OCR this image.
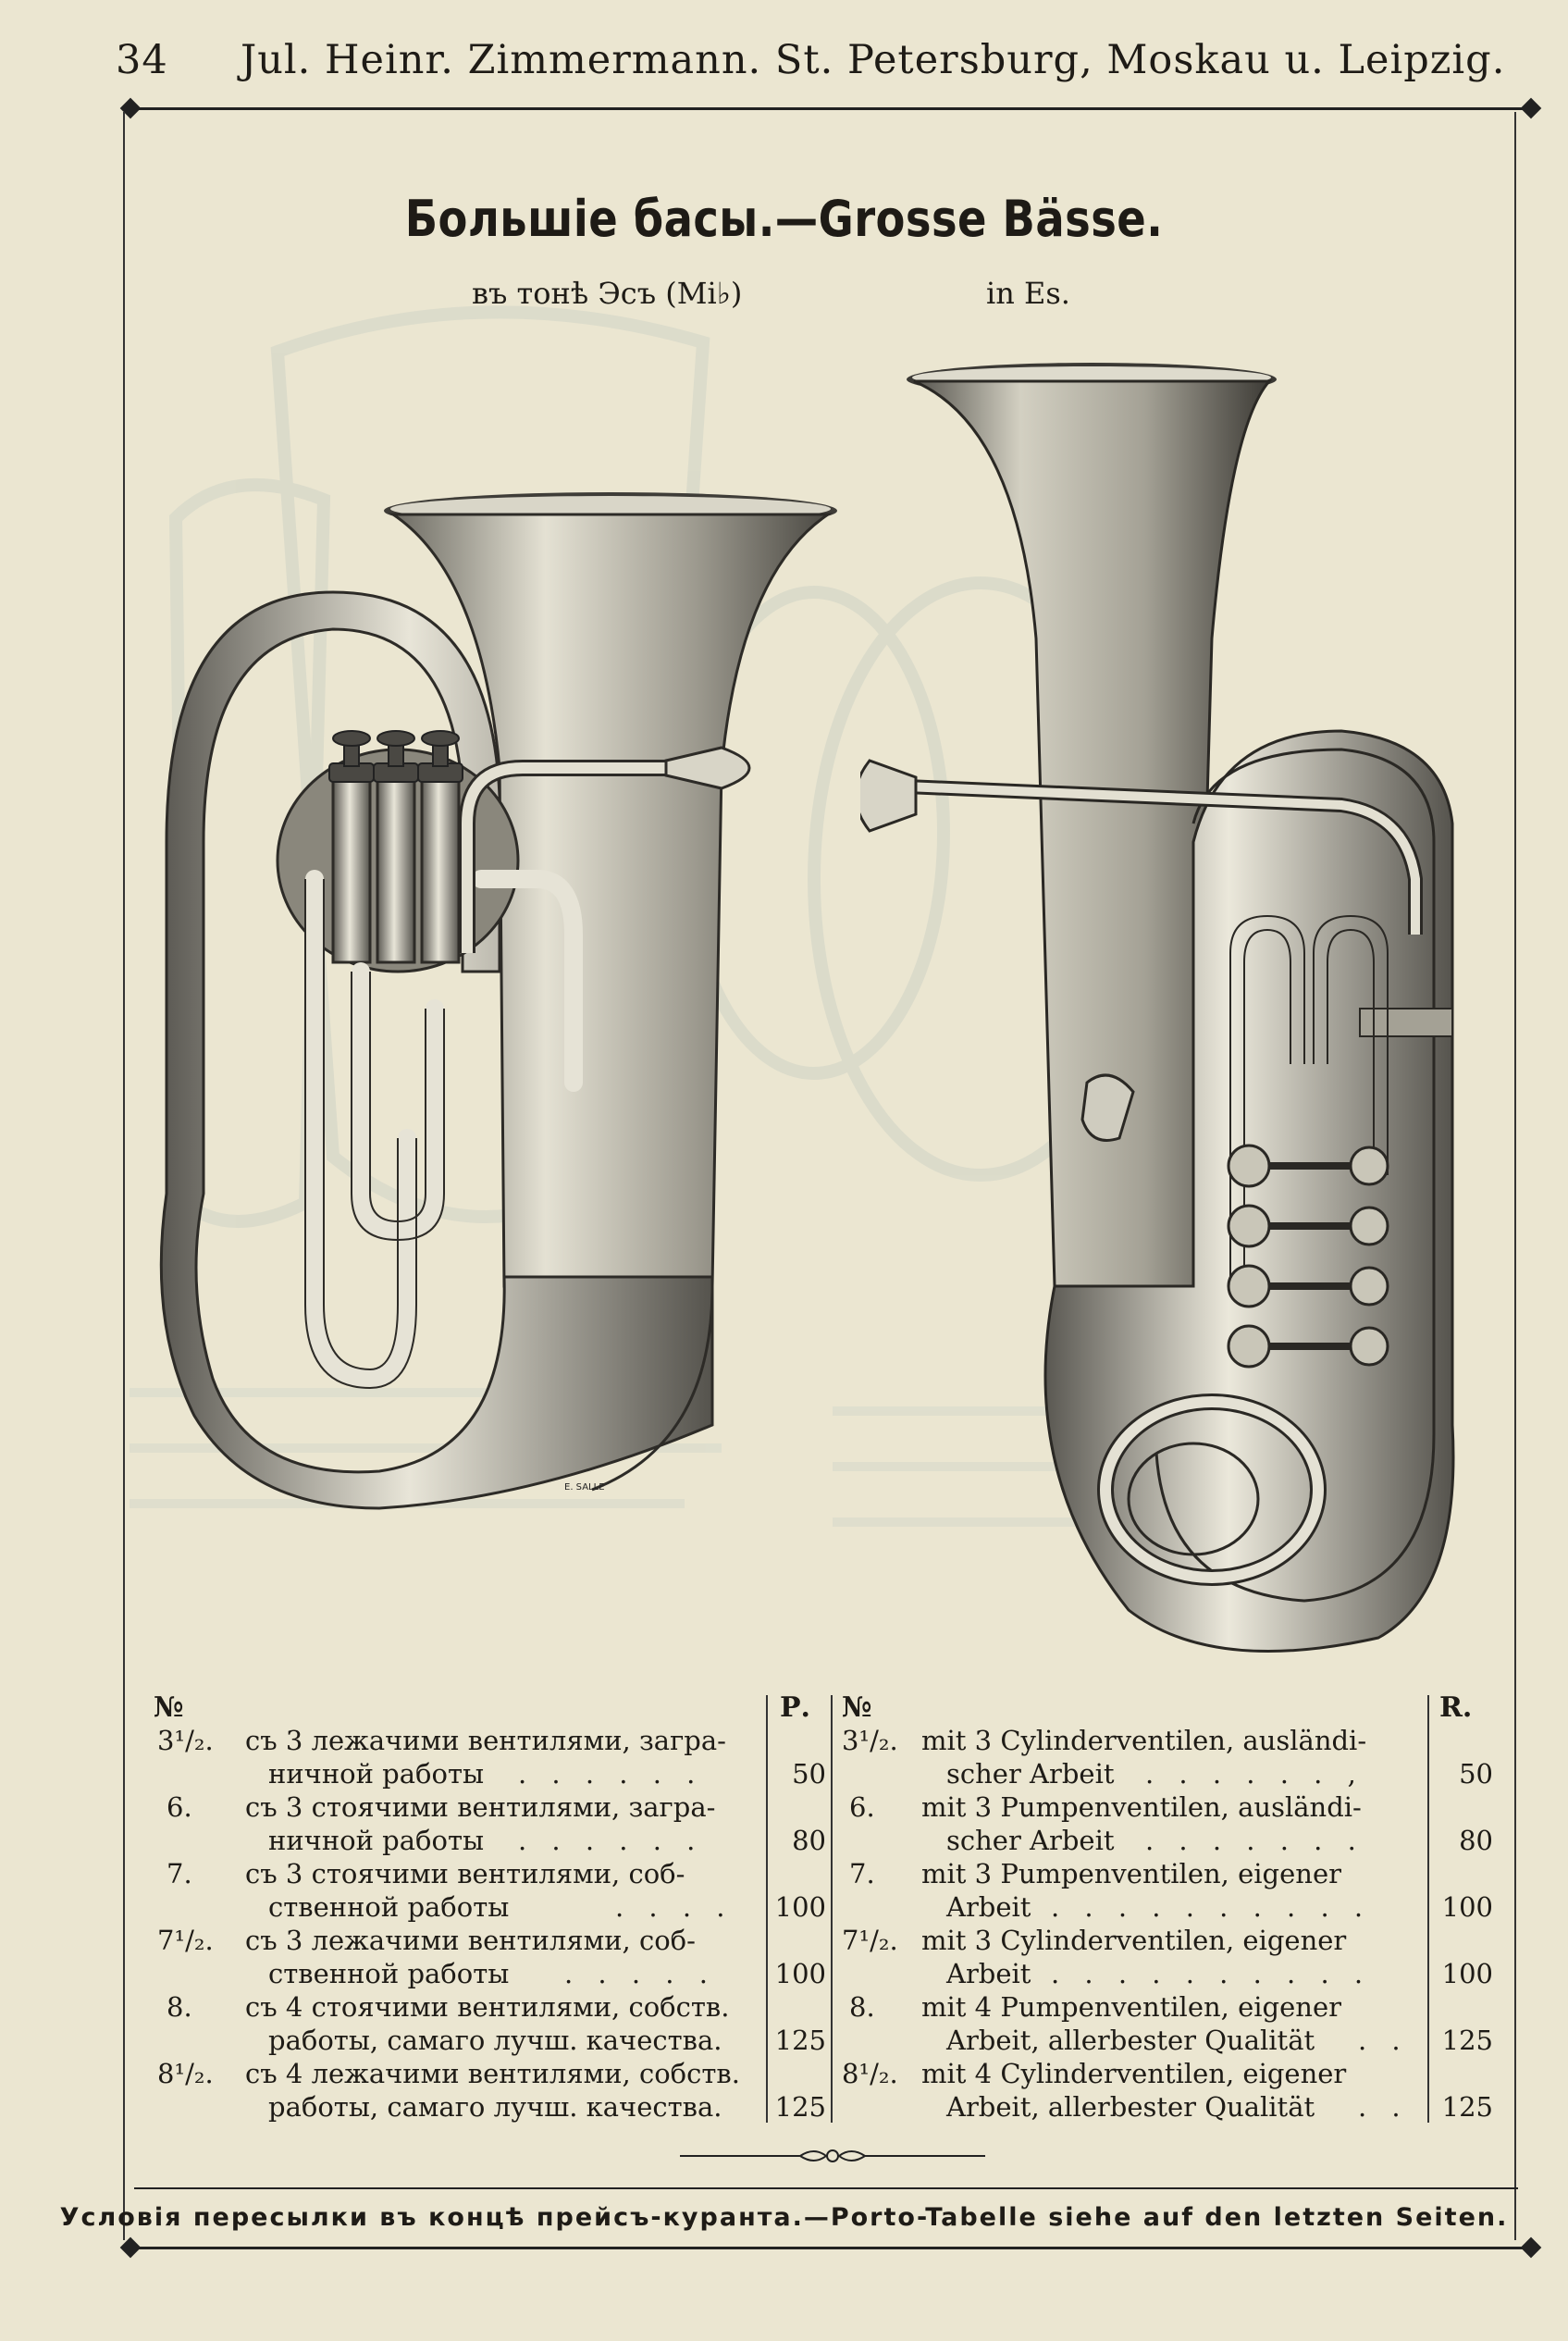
34 Jul. Heinr. Zimmermann. St. Petersburg, Moskau u. Leipzig.
Большіе басы.—Grosse Bässe.
въ тонѣ Эсъ (Mi♭)	in Es.
E. SALLE
№	Р.
3¹/₂. съ 3 лежачими вентилями, загра-
ничной работы . . . . . .	50
6. съ 3 стоячими вентилями, загра-
ничной работы . . . . . .	80
7. съ 3 стоячими вентилями, соб-
ственной работы	. . . . 100
7¹/₂. съ 3 лежачими вентилями, соб-
ственной работы . . . . . 100
8. съ 4 стоячими вентилями, собств.
работы, самаго лучш. качества. 125
8¹/₂. съ 4 лежачими вентилями, собств.
работы, самаго лучш. качества. 125
№	R.
3¹/₂. mit 3 Cylinderventilen, ausländi-
scher Arbeit . . . . . . ,	50
6. mit 3 Pumpenventilen, ausländi-
scher Arbeit . . . . . . .	80
7. mit 3 Pumpenventilen, eigener
Arbeit . . . . . . . . . .	100
7¹/₂. mit 3 Cylinderventilen, eigener
Arbeit . . . . . . . . . .	100
8. mit 4 Pumpenventilen, eigener
Arbeit, allerbester Qualität . .	125
8¹/₂. mit 4 Cylinderventilen, eigener
Arbeit, allerbester Qualität . .	125
Условія пересылки въ концѣ прейсъ-куранта.—Porto-Tabelle siehe auf den letzten Seiten.
